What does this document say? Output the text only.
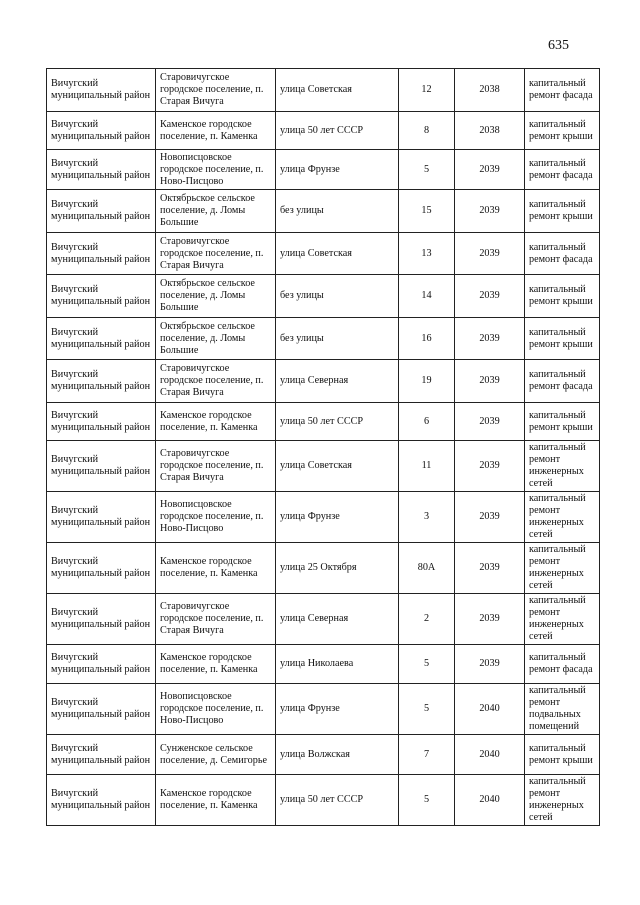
635
Вичугский муниципальный район	Старовичугское городское поселение, п. Старая Вичуга	улица Советская	12	2038	капитальный ремонт фасада
Вичугский муниципальный район	Каменское городское поселение, п. Каменка	улица 50 лет СССР	8	2038	капитальный ремонт крыши
Вичугский муниципальный район	Новописцовское городское поселение, п. Ново-Писцово	улица Фрунзе	5	2039	капитальный ремонт фасада
Вичугский муниципальный район	Октябрьское сельское поселение, д. Ломы Большие	без улицы	15	2039	капитальный ремонт крыши
Вичугский муниципальный район	Старовичугское городское поселение, п. Старая Вичуга	улица Советская	13	2039	капитальный ремонт фасада
Вичугский муниципальный район	Октябрьское сельское поселение, д. Ломы Большие	без улицы	14	2039	капитальный ремонт крыши
Вичугский муниципальный район	Октябрьское сельское поселение, д. Ломы Большие	без улицы	16	2039	капитальный ремонт крыши
Вичугский муниципальный район	Старовичугское городское поселение, п. Старая Вичуга	улица Северная	19	2039	капитальный ремонт фасада
Вичугский муниципальный район	Каменское городское поселение, п. Каменка	улица 50 лет СССР	6	2039	капитальный ремонт крыши
Вичугский муниципальный район	Старовичугское городское поселение, п. Старая Вичуга	улица Советская	11	2039	капитальный ремонт инженерных сетей
Вичугский муниципальный район	Новописцовское городское поселение, п. Ново-Писцово	улица Фрунзе	3	2039	капитальный ремонт инженерных сетей
Вичугский муниципальный район	Каменское городское поселение, п. Каменка	улица 25 Октября	80А	2039	капитальный ремонт инженерных сетей
Вичугский муниципальный район	Старовичугское городское поселение, п. Старая Вичуга	улица Северная	2	2039	капитальный ремонт инженерных сетей
Вичугский муниципальный район	Каменское городское поселение, п. Каменка	улица Николаева	5	2039	капитальный ремонт фасада
Вичугский муниципальный район	Новописцовское городское поселение, п. Ново-Писцово	улица Фрунзе	5	2040	капитальный ремонт подвальных помещений
Вичугский муниципальный район	Сунженское сельское поселение, д. Семигорье	улица Волжская	7	2040	капитальный ремонт крыши
Вичугский муниципальный район	Каменское городское поселение, п. Каменка	улица 50 лет СССР	5	2040	капитальный ремонт инженерных сетей
